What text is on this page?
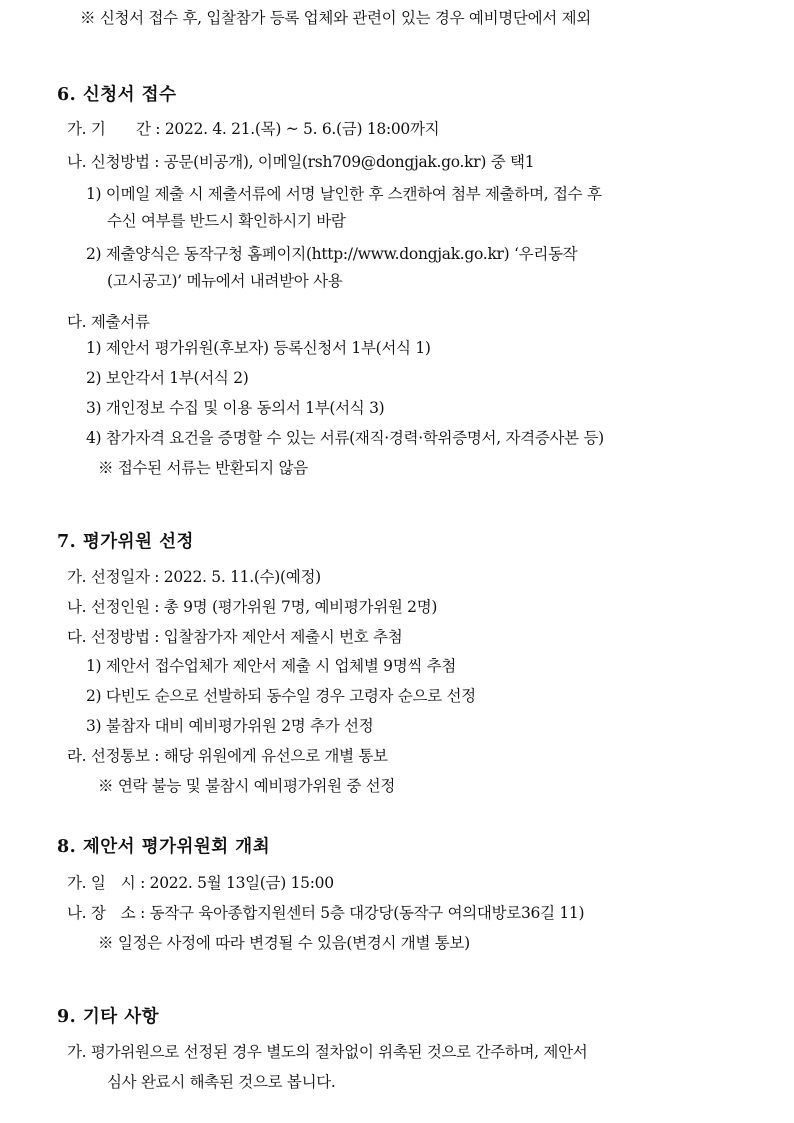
※ 신청서 접수 후, 입찰참가 등록 업체와 관련이 있는 경우 예비명단에서 제외
6. 신청서 접수
가. 기　　간 : 2022. 4. 21.(목) ~ 5. 6.(금) 18:00까지
나. 신청방법 : 공문(비공개), 이메일(rsh709@dongjak.go.kr) 중 택1
1) 이메일 제출 시 제출서류에 서명 날인한 후 스캔하여 첨부 제출하며, 접수 후
수신 여부를 반드시 확인하시기 바람
2) 제출양식은 동작구청 홈페이지(http://www.dongjak.go.kr) ‘우리동작
(고시공고)’ 메뉴에서 내려받아 사용
다. 제출서류
1) 제안서 평가위원(후보자) 등록신청서 1부(서식 1)
2) 보안각서 1부(서식 2)
3) 개인정보 수집 및 이용 동의서 1부(서식 3)
4) 참가자격 요건을 증명할 수 있는 서류(재직·경력·학위증명서, 자격증사본 등)
※ 접수된 서류는 반환되지 않음
7. 평가위원 선정
가. 선정일자 : 2022. 5. 11.(수)(예정)
나. 선정인원 : 총 9명 (평가위원 7명, 예비평가위원 2명)
다. 선정방법 : 입찰참가자 제안서 제출시 번호 추첨
1) 제안서 접수업체가 제안서 제출 시 업체별 9명씩 추첨
2) 다빈도 순으로 선발하되 동수일 경우 고령자 순으로 선정
3) 불참자 대비 예비평가위원 2명 추가 선정
라. 선정통보 : 해당 위원에게 유선으로 개별 통보
※ 연락 불능 및 불참시 예비평가위원 중 선정
8. 제안서 평가위원회 개최
가. 일　시 : 2022. 5월 13일(금) 15:00
나. 장　소 : 동작구 육아종합지원센터 5층 대강당(동작구 여의대방로36길 11)
※ 일정은 사정에 따라 변경될 수 있음(변경시 개별 통보)
9. 기타 사항
가. 평가위원으로 선정된 경우 별도의 절차없이 위촉된 것으로 간주하며, 제안서
심사 완료시 해촉된 것으로 봅니다.
